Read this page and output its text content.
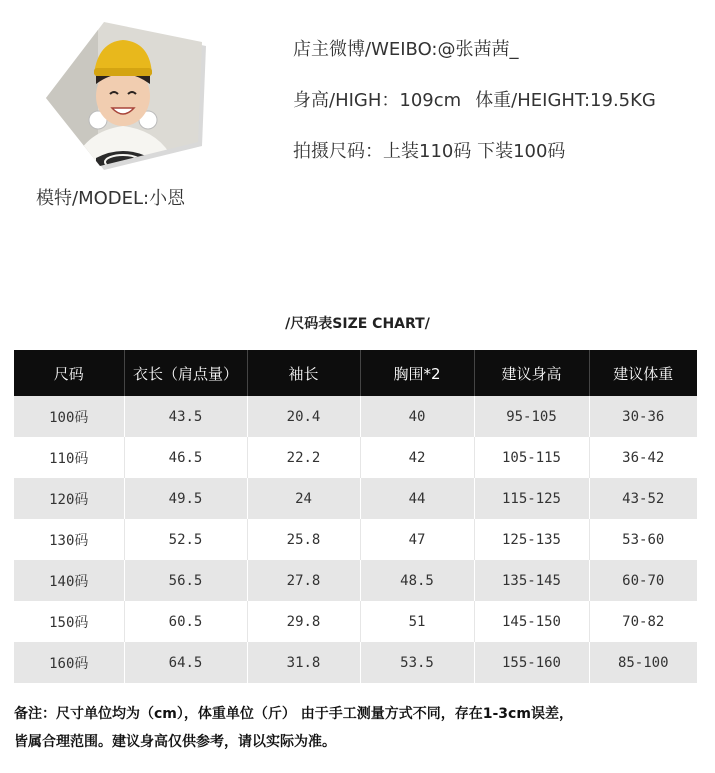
模特/MODEL:小恩
店主微博/WEIBO:@张茜茜_
身高/HIGH：109cm 体重/HEIGHT:19.5KG
拍摄尺码：上装110码 下装100码
/尺码表SIZE CHART/
尺码	衣长（肩点量）	袖长	胸围*2	建议身高	建议体重
100码	43.5	20.4	40	95-105	30-36
110码	46.5	22.2	42	105-115	36-42
120码	49.5	24	44	115-125	43-52
130码	52.5	25.8	47	125-135	53-60
140码	56.5	27.8	48.5	135-145	60-70
150码	60.5	29.8	51	145-150	70-82
160码	64.5	31.8	53.5	155-160	85-100
备注：尺寸单位均为（cm），体重单位（斤） 由于手工测量方式不同，存在1-3cm误差，
皆属合理范围。建议身高仅供参考，请以实际为准。
